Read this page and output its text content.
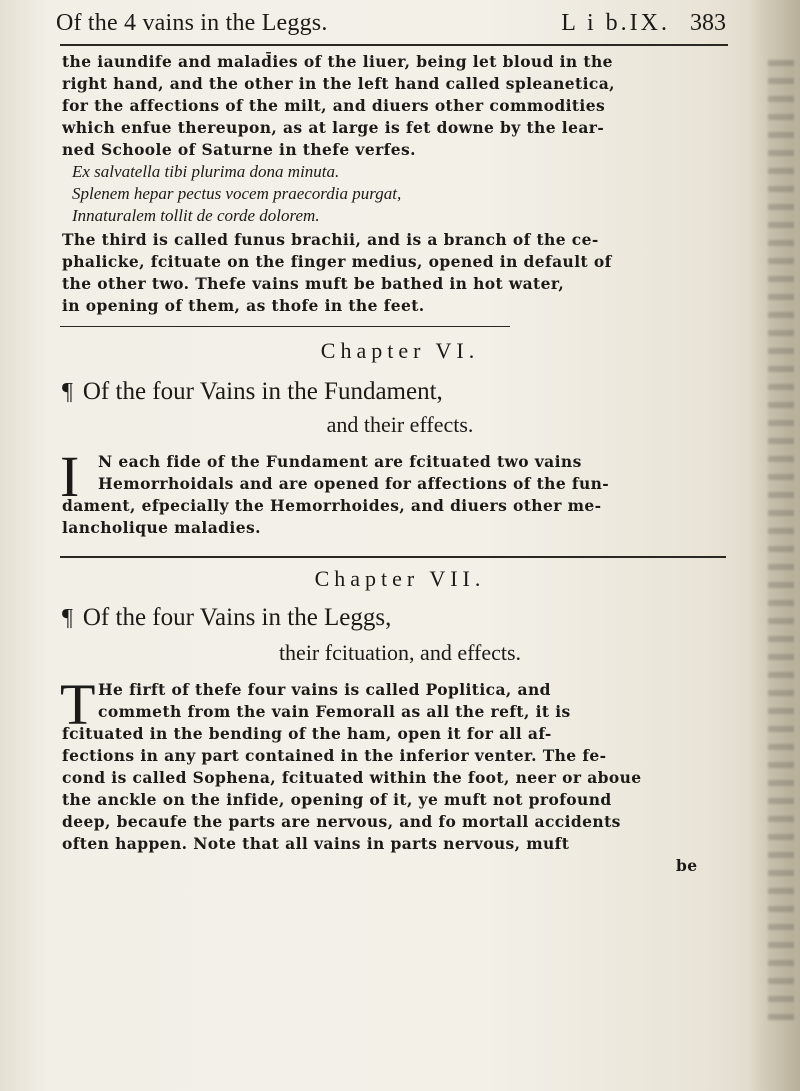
Of the 4 vains in the Leggs.	L i b.IX. 383
the iaundife and malad̄ies of the liuer, being let bloud in the
right hand, and the other in the left hand called spleanetica,
for the affections of the milt, and diuers other commodities
which enfue thereupon, as at large is fet downe by the lear-
ned Schoole of Saturne in thefe verfes.
Ex salvatella tibi plurima dona minuta.
Splenem hepar pectus vocem praecordia purgat,
Innaturalem tollit de corde dolorem.
The third is called funus brachii, and is a branch of the ce-
phalicke, fcituate on the finger medius, opened in default of
the other two. Thefe vains muft be bathed in hot water,
in opening of them, as thofe in the feet.
Chapter VI.
¶ Of the four Vains in the Fundament,
and their effects.
I N each fide of the Fundament are fcituated two vains
Hemorrhoidals and are opened for affections of the fun-
dament, efpecially the Hemorrhoides, and diuers other me-
lancholique maladies.
Chapter VII.
¶ Of the four Vains in the Leggs,
their fcituation, and effects.
T He firft of thefe four vains is called Poplitica, and
commeth from the vain Femorall as all the reft, it is
fcituated in the bending of the ham, open it for all af-
fections in any part contained in the inferior venter. The fe-
cond is called Sophena, fcituated within the foot, neer or aboue
the anckle on the infide, opening of it, ye muft not profound
deep, becaufe the parts are nervous, and fo mortall accidents
often happen. Note that all vains in parts nervous, muft
be
